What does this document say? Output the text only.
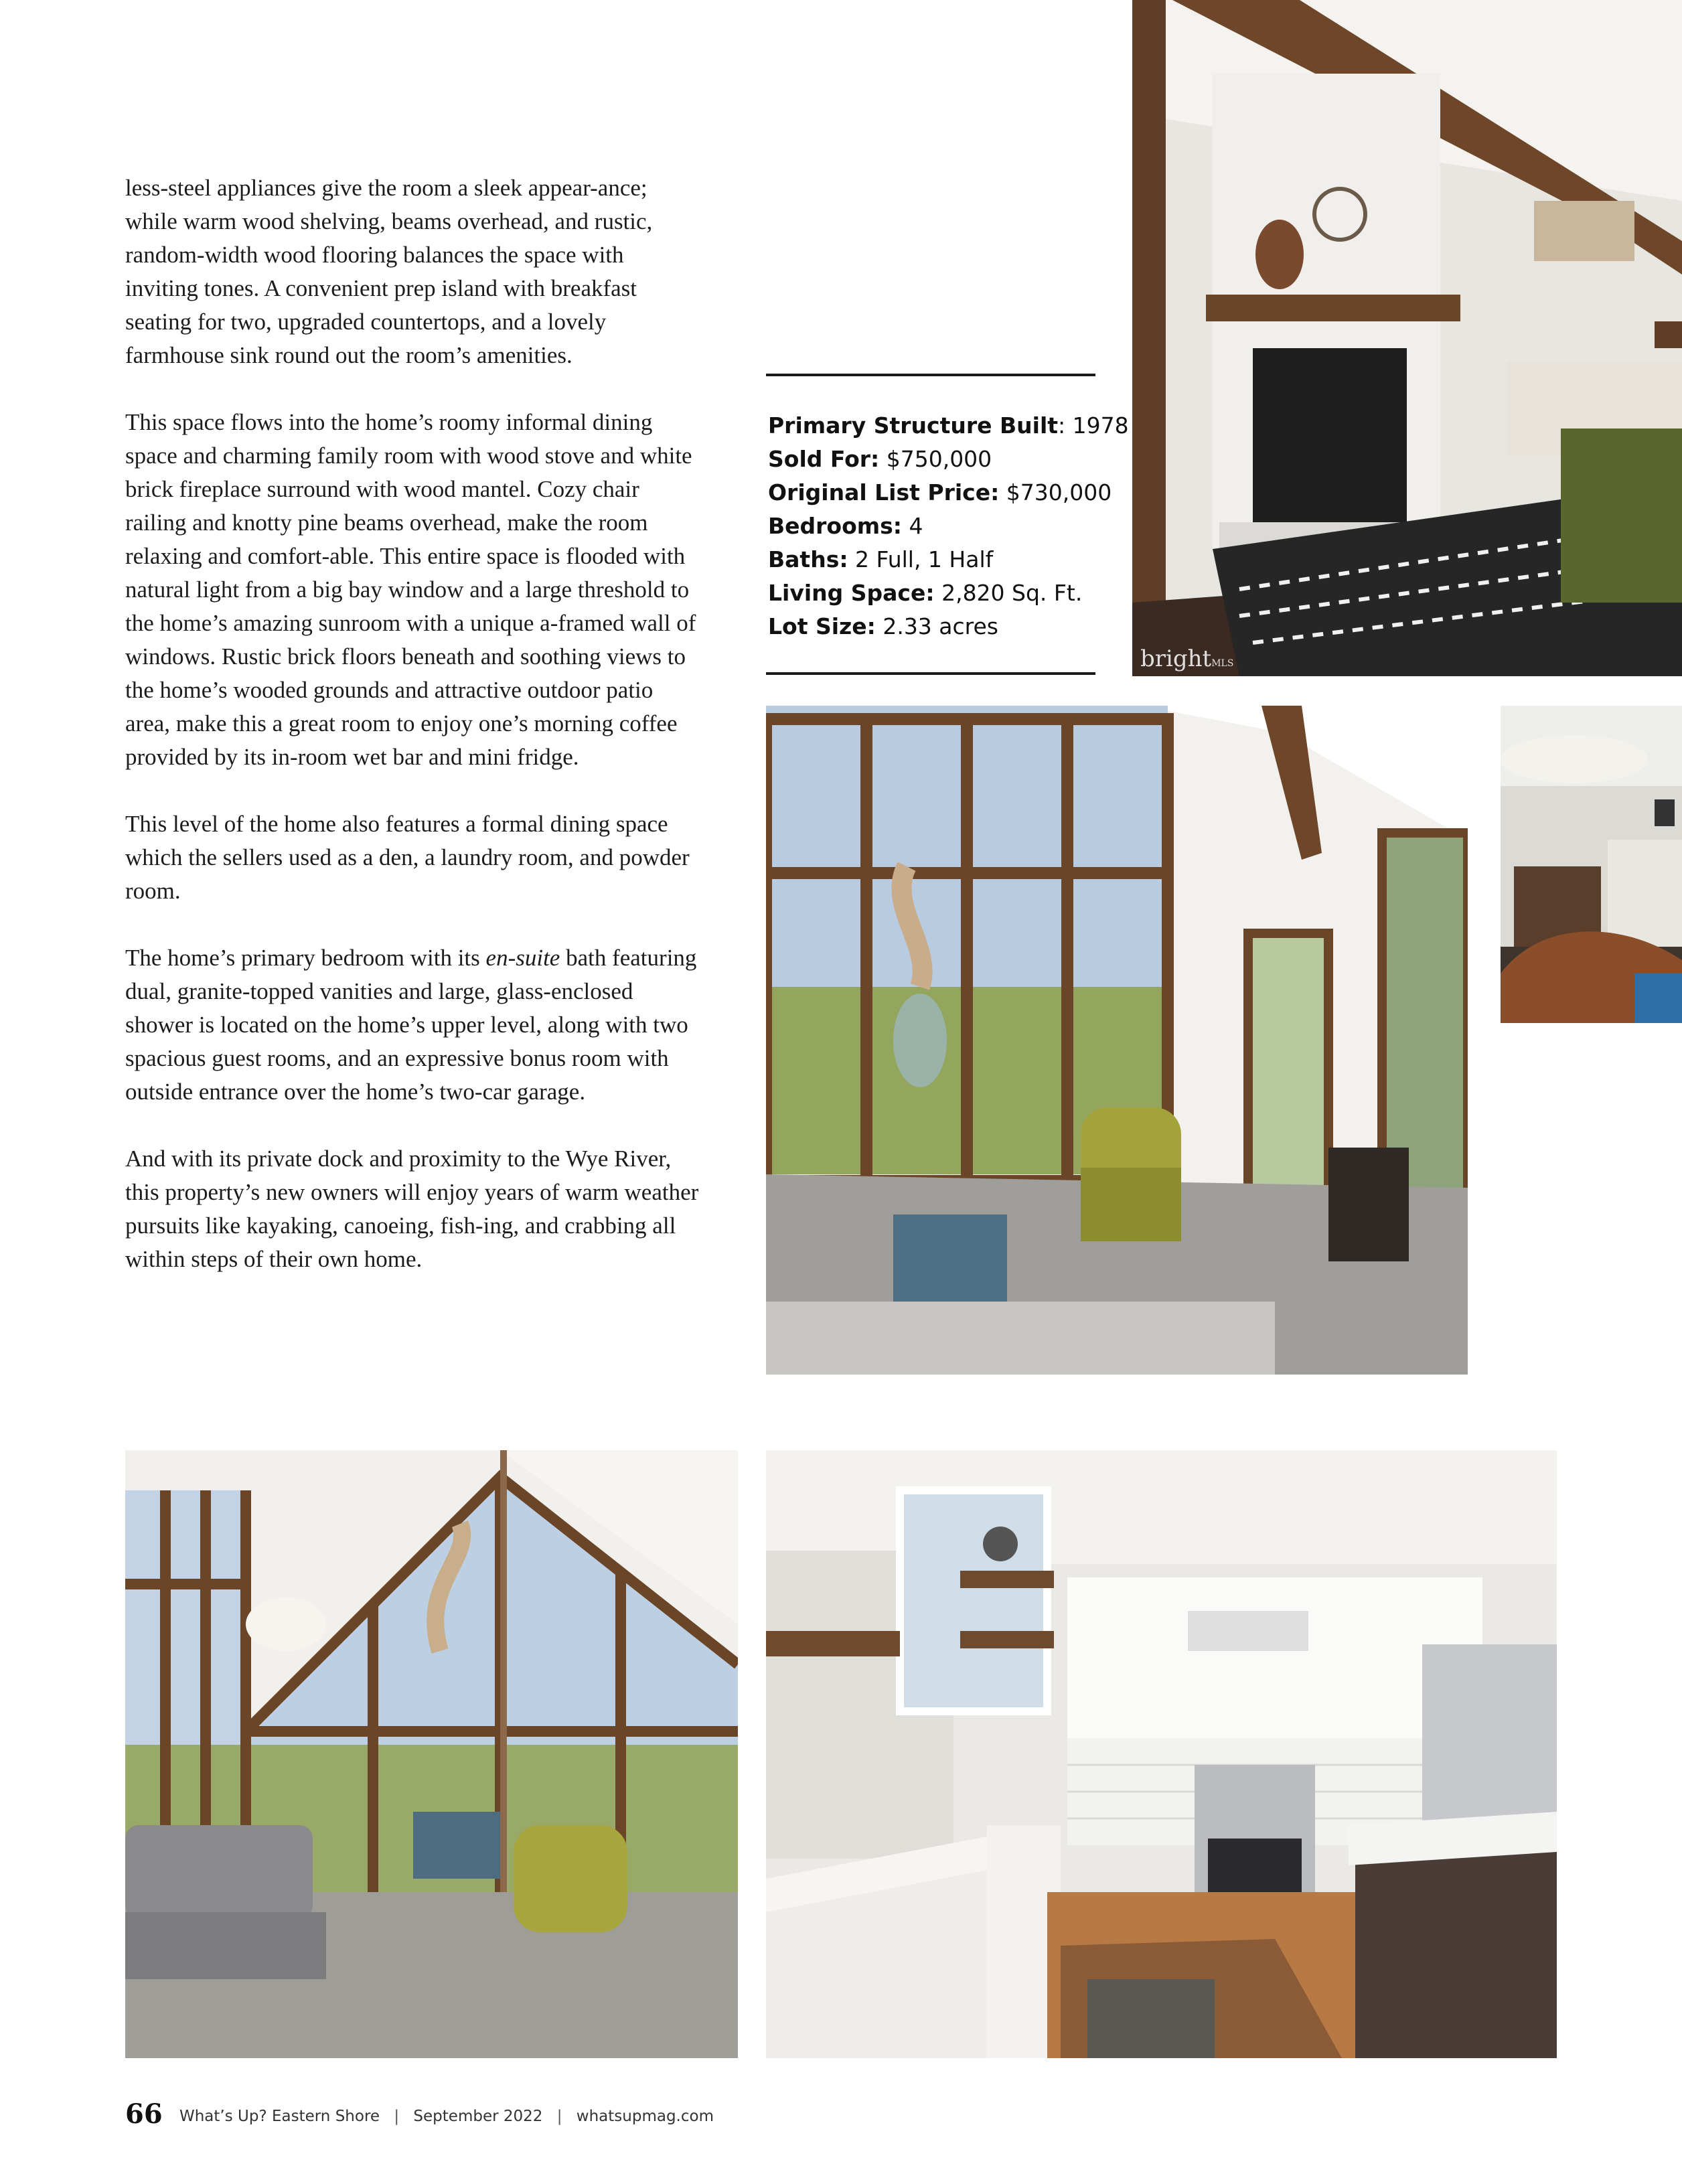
less-steel appliances give the room a sleek appear-ance; while warm wood shelving, beams overhead, and rustic, random-width wood flooring balances the space with inviting tones. A convenient prep island with breakfast seating for two, upgraded countertops, and a lovely farmhouse sink round out the room’s amenities.

This space flows into the home’s roomy informal dining space and charming family room with wood stove and white brick fireplace surround with wood mantel. Cozy chair railing and knotty pine beams overhead, make the room relaxing and comfort-able. This entire space is flooded with natural light from a big bay window and a large threshold to the home’s amazing sunroom with a unique a-framed wall of windows. Rustic brick floors beneath and soothing views to the home’s wooded grounds and attractive outdoor patio area, make this a great room to enjoy one’s morning coffee provided by its in-room wet bar and mini fridge.

This level of the home also features a formal dining space which the sellers used as a den, a laundry room, and powder room.

The home’s primary bedroom with its en-suite bath featuring dual, granite-topped vanities and large, glass-enclosed shower is located on the home’s upper level, along with two spacious guest rooms, and an expressive bonus room with outside entrance over the home’s two-car garage.

And with its private dock and proximity to the Wye River, this property’s new owners will enjoy years of warm weather pursuits like kayaking, canoeing, fish-ing, and crabbing all within steps of their own home.

Primary Structure Built: 1978
Sold For: $750,000
Original List Price: $730,000
Bedrooms: 4
Baths: 2 Full, 1 Half
Living Space: 2,820 Sq. Ft.
Lot Size: 2.33 acres
brightMLS
66 What’s Up? Eastern Shore | September 2022 | whatsupmag.com
